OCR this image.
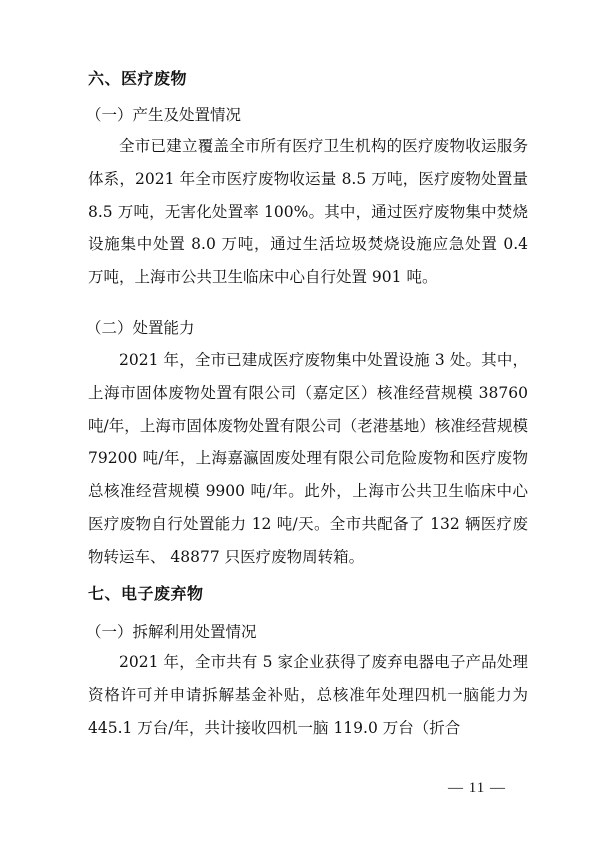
六、医疗废物
（一）产生及处置情况

全市已建立覆盖全市所有医疗卫生机构的医疗废物收运服务体系，2021 年全市医疗废物收运量 8.5 万吨，医疗废物处置量 8.5 万吨，无害化处置率 100%。其中，通过医疗废物集中焚烧设施集中处置 8.0 万吨，通过生活垃圾焚烧设施应急处置 0.4 万吨，上海市公共卫生临床中心自行处置 901 吨。

（二）处置能力

2021 年，全市已建成医疗废物集中处置设施 3 处。其中，上海市固体废物处置有限公司（嘉定区）核准经营规模 38760 吨/年，上海市固体废物处置有限公司（老港基地）核准经营规模 79200 吨/年，上海嘉瀛固废处理有限公司危险废物和医疗废物总核准经营规模 9900 吨/年。此外，上海市公共卫生临床中心医疗废物自行处置能力 12 吨/天。全市共配备了 132 辆医疗废物转运车、 48877 只医疗废物周转箱。

七、电子废弃物
（一）拆解利用处置情况

2021 年，全市共有 5 家企业获得了废弃电器电子产品处理资格许可并申请拆解基金补贴，总核准年处理四机一脑能力为 445.1 万台/年，共计接收四机一脑 119.0 万台（折合

— 11 —
